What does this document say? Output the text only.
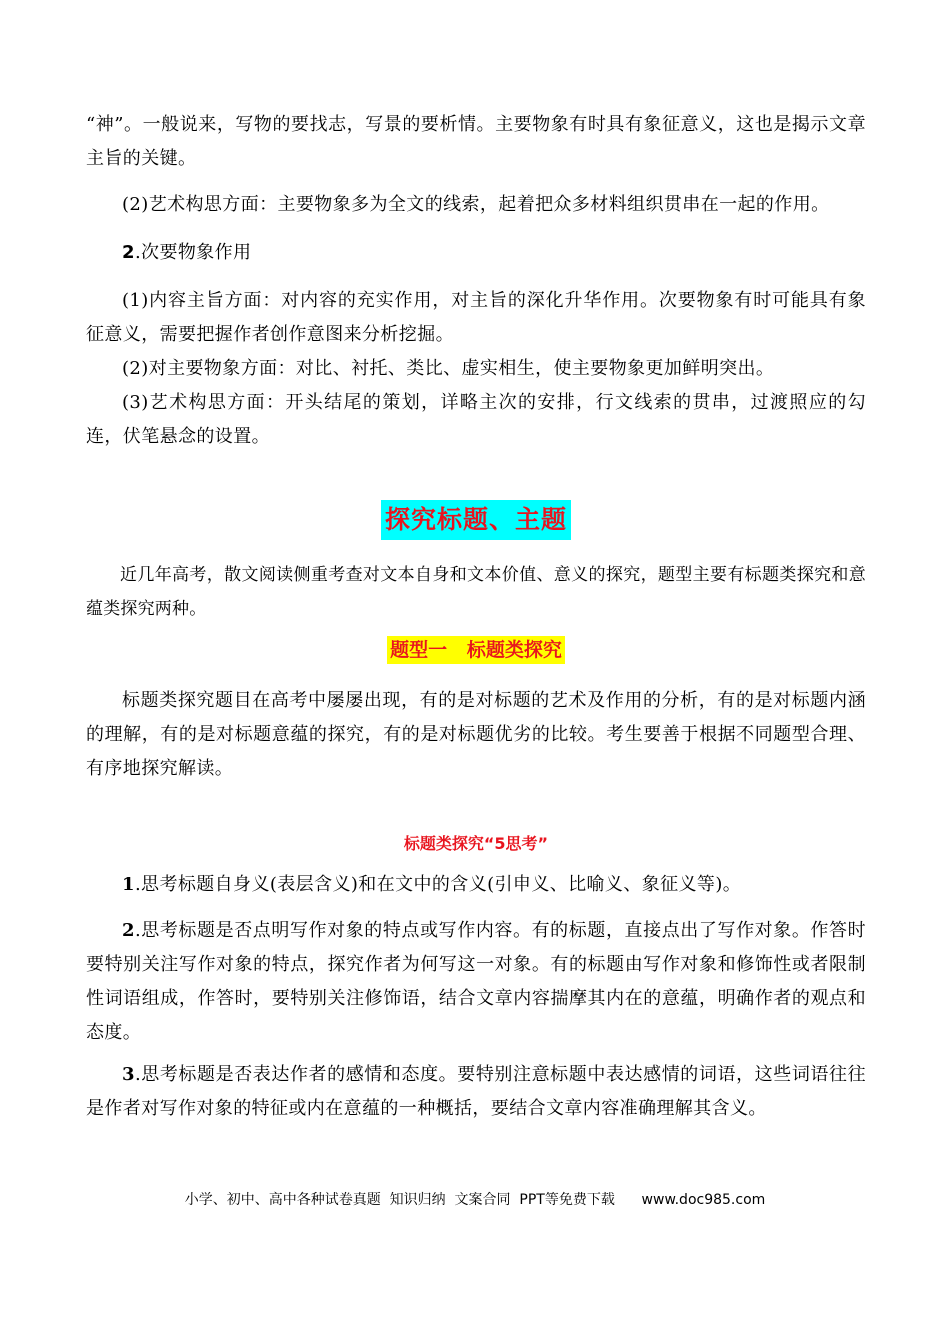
“神”。一般说来，写物的要找志，写景的要析情。主要物象有时具有象征意义，这也是揭示文章主旨的关键。

(2)艺术构思方面：主要物象多为全文的线索，起着把众多材料组织贯串在一起的作用。

2.次要物象作用

(1)内容主旨方面：对内容的充实作用，对主旨的深化升华作用。次要物象有时可能具有象征意义，需要把握作者创作意图来分析挖掘。

(2)对主要物象方面：对比、衬托、类比、虚实相生，使主要物象更加鲜明突出。

(3)艺术构思方面：开头结尾的策划，详略主次的安排，行文线索的贯串，过渡照应的勾连，伏笔悬念的设置。

探究标题、主题

近几年高考，散文阅读侧重考查对文本自身和文本价值、意义的探究，题型主要有标题类探究和意蕴类探究两种。

题型一   标题类探究

标题类探究题目在高考中屡屡出现，有的是对标题的艺术及作用的分析，有的是对标题内涵的理解，有的是对标题意蕴的探究，有的是对标题优劣的比较。考生要善于根据不同题型合理、有序地探究解读。

标题类探究“5思考”

1.思考标题自身义(表层含义)和在文中的含义(引申义、比喻义、象征义等)。

2.思考标题是否点明写作对象的特点或写作内容。有的标题，直接点出了写作对象。作答时要特别关注写作对象的特点，探究作者为何写这一对象。有的标题由写作对象和修饰性或者限制性词语组成，作答时，要特别关注修饰语，结合文章内容揣摩其内在的意蕴，明确作者的观点和态度。

3.思考标题是否表达作者的感情和态度。要特别注意标题中表达感情的词语，这些词语往往是作者对写作对象的特征或内在意蕴的一种概括，要结合文章内容准确理解其含义。

小学、初中、高中各种试卷真题  知识归纳  文案合同  PPT等免费下载      www.doc985.com
